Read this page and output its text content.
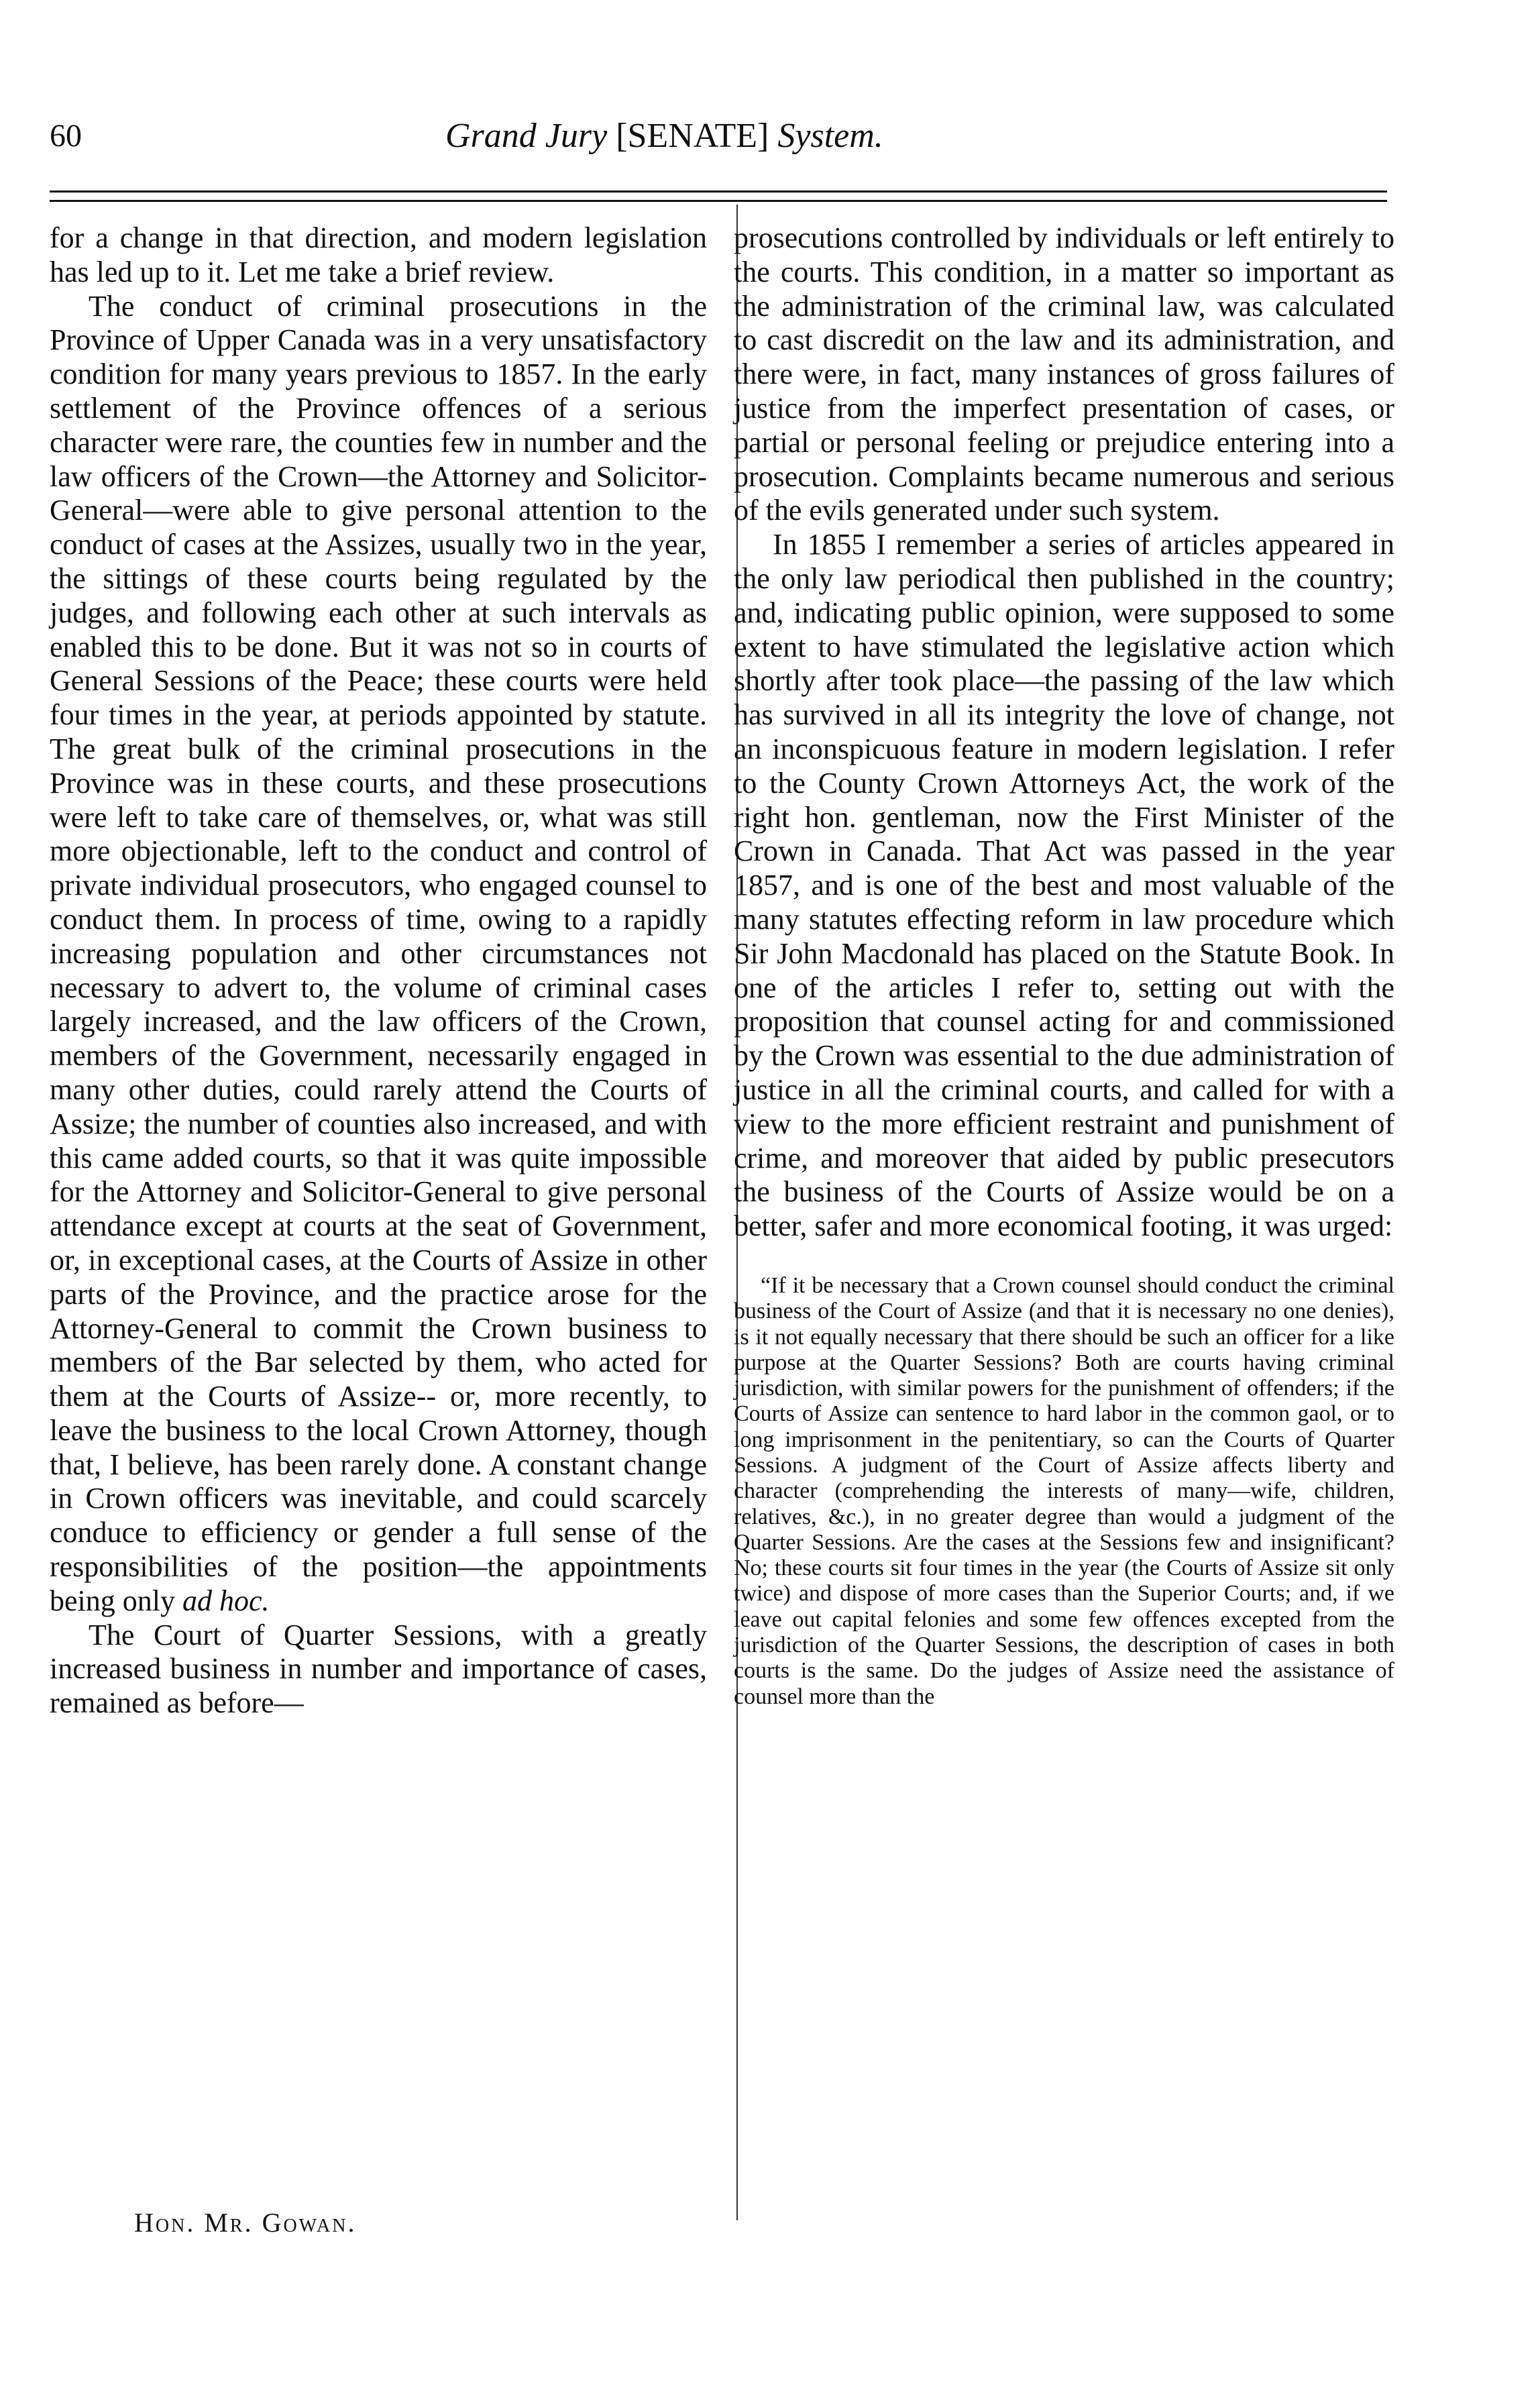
60	Grand Jury [SENATE] System.

for a change in that direction, and modern legislation has led up to it. Let me take a brief review.

The conduct of criminal prosecutions in the Province of Upper Canada was in a very unsatisfactory condition for many years previous to 1857. In the early settlement of the Province offences of a serious character were rare, the counties few in number and the law officers of the Crown—the Attorney and Solicitor-General—were able to give personal attention to the conduct of cases at the Assizes, usually two in the year, the sittings of these courts being regulated by the judges, and following each other at such intervals as enabled this to be done. But it was not so in courts of General Sessions of the Peace; these courts were held four times in the year, at periods appointed by statute. The great bulk of the criminal prosecutions in the Province was in these courts, and these prosecutions were left to take care of themselves, or, what was still more objectionable, left to the conduct and control of private individual prosecutors, who engaged counsel to conduct them. In process of time, owing to a rapidly increasing population and other circumstances not necessary to advert to, the volume of criminal cases largely increased, and the law officers of the Crown, members of the Government, necessarily engaged in many other duties, could rarely attend the Courts of Assize; the number of counties also increased, and with this came added courts, so that it was quite impossible for the Attorney and Solicitor-General to give personal attendance except at courts at the seat of Government, or, in exceptional cases, at the Courts of Assize in other parts of the Province, and the practice arose for the Attorney-General to commit the Crown business to members of the Bar selected by them, who acted for them at the Courts of Assize-- or, more recently, to leave the business to the local Crown Attorney, though that, I believe, has been rarely done. A constant change in Crown officers was inevitable, and could scarcely conduce to efficiency or gender a full sense of the responsibilities of the position—the appointments being only ad hoc.

The Court of Quarter Sessions, with a greatly increased business in number and importance of cases, remained as before—

Hon. Mr. Gowan.

prosecutions controlled by individuals or left entirely to the courts. This condition, in a matter so important as the administration of the criminal law, was calculated to cast discredit on the law and its administration, and there were, in fact, many instances of gross failures of justice from the imperfect presentation of cases, or partial or personal feeling or prejudice entering into a prosecution. Complaints became numerous and serious of the evils generated under such system.

In 1855 I remember a series of articles appeared in the only law periodical then published in the country; and, indicating public opinion, were supposed to some extent to have stimulated the legislative action which shortly after took place—the passing of the law which has survived in all its integrity the love of change, not an inconspicuous feature in modern legislation. I refer to the County Crown Attorneys Act, the work of the right hon. gentleman, now the First Minister of the Crown in Canada. That Act was passed in the year 1857, and is one of the best and most valuable of the many statutes effecting reform in law procedure which Sir John Macdonald has placed on the Statute Book. In one of the articles I refer to, setting out with the proposition that counsel acting for and commissioned by the Crown was essential to the due administration of justice in all the criminal courts, and called for with a view to the more efficient restraint and punishment of crime, and moreover that aided by public presecutors the business of the Courts of Assize would be on a better, safer and more economical footing, it was urged:

“If it be necessary that a Crown counsel should conduct the criminal business of the Court of Assize (and that it is necessary no one denies), is it not equally necessary that there should be such an officer for a like purpose at the Quarter Sessions? Both are courts having criminal jurisdiction, with similar powers for the punishment of offenders; if the Courts of Assize can sentence to hard labor in the common gaol, or to long imprisonment in the penitentiary, so can the Courts of Quarter Sessions. A judgment of the Court of Assize affects liberty and character (comprehending the interests of many—wife, children, relatives, &c.), in no greater degree than would a judgment of the Quarter Sessions. Are the cases at the Sessions few and insignificant? No; these courts sit four times in the year (the Courts of Assize sit only twice) and dispose of more cases than the Superior Courts; and, if we leave out capital felonies and some few offences excepted from the jurisdiction of the Quarter Sessions, the description of cases in both courts is the same. Do the judges of Assize need the assistance of counsel more than the
